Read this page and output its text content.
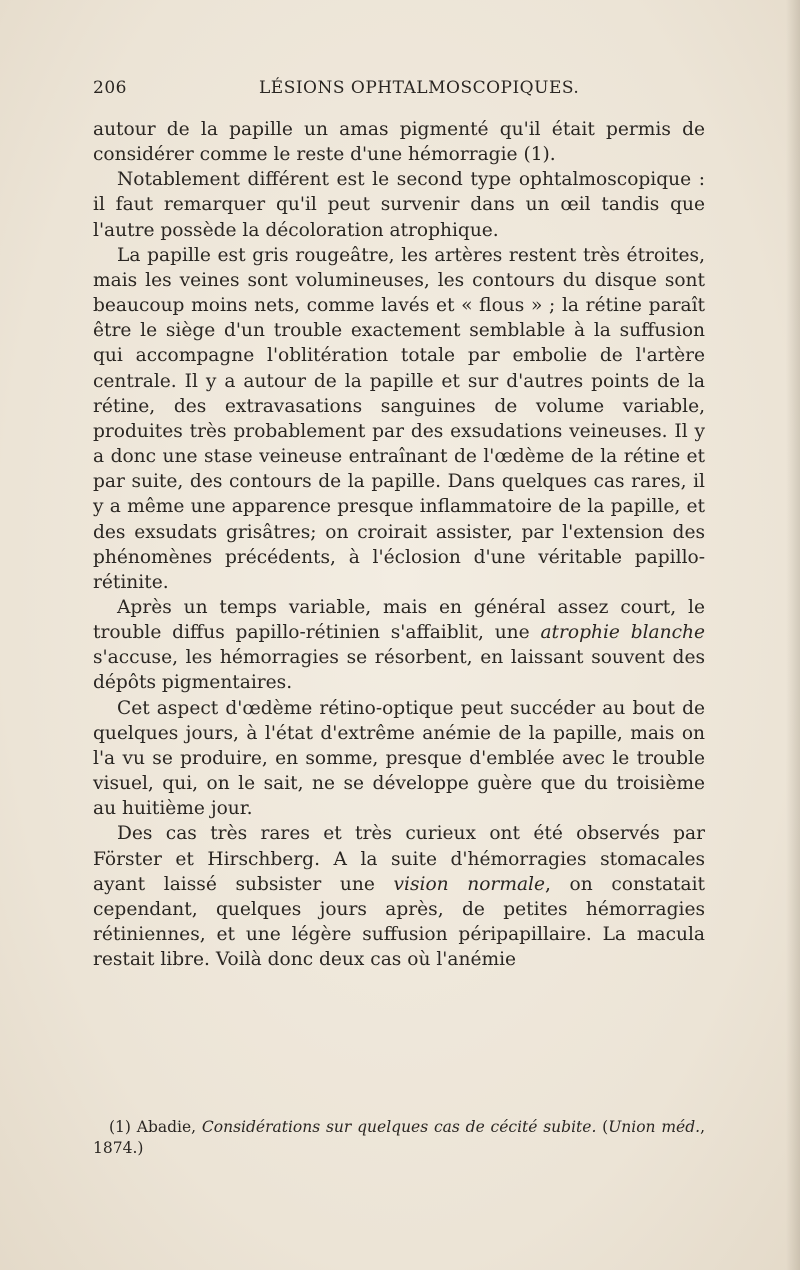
206	LÉSIONS OPHTALMOSCOPIQUES.

autour de la papille un amas pigmenté qu'il était permis de considérer comme le reste d'une hémorragie (1).

Notablement différent est le second type ophtalmoscopique : il faut remarquer qu'il peut survenir dans un œil tandis que l'autre possède la décoloration atrophique.

La papille est gris rougeâtre, les artères restent très étroites, mais les veines sont volumineuses, les contours du disque sont beaucoup moins nets, comme lavés et « flous » ; la rétine paraît être le siège d'un trouble exactement semblable à la suffusion qui accompagne l'oblitération totale par embolie de l'artère centrale. Il y a autour de la papille et sur d'autres points de la rétine, des extravasations sanguines de volume variable, produites très probablement par des exsudations veineuses. Il y a donc une stase veineuse entraînant de l'œdème de la rétine et par suite, des contours de la papille. Dans quelques cas rares, il y a même une apparence presque inflammatoire de la papille, et des exsudats grisâtres; on croirait assister, par l'extension des phénomènes précédents, à l'éclosion d'une véritable papillo-rétinite.

Après un temps variable, mais en général assez court, le trouble diffus papillo-rétinien s'affaiblit, une atrophie blanche s'accuse, les hémorragies se résorbent, en laissant souvent des dépôts pigmentaires.

Cet aspect d'œdème rétino-optique peut succéder au bout de quelques jours, à l'état d'extrême anémie de la papille, mais on l'a vu se produire, en somme, presque d'emblée avec le trouble visuel, qui, on le sait, ne se développe guère que du troisième au huitième jour.

Des cas très rares et très curieux ont été observés par Förster et Hirschberg. A la suite d'hémorragies stomacales ayant laissé subsister une vision normale, on constatait cependant, quelques jours après, de petites hémorragies rétiniennes, et une légère suffusion péripapillaire. La macula restait libre. Voilà donc deux cas où l'anémie

(1) Abadie, Considérations sur quelques cas de cécité subite. (Union méd., 1874.)
